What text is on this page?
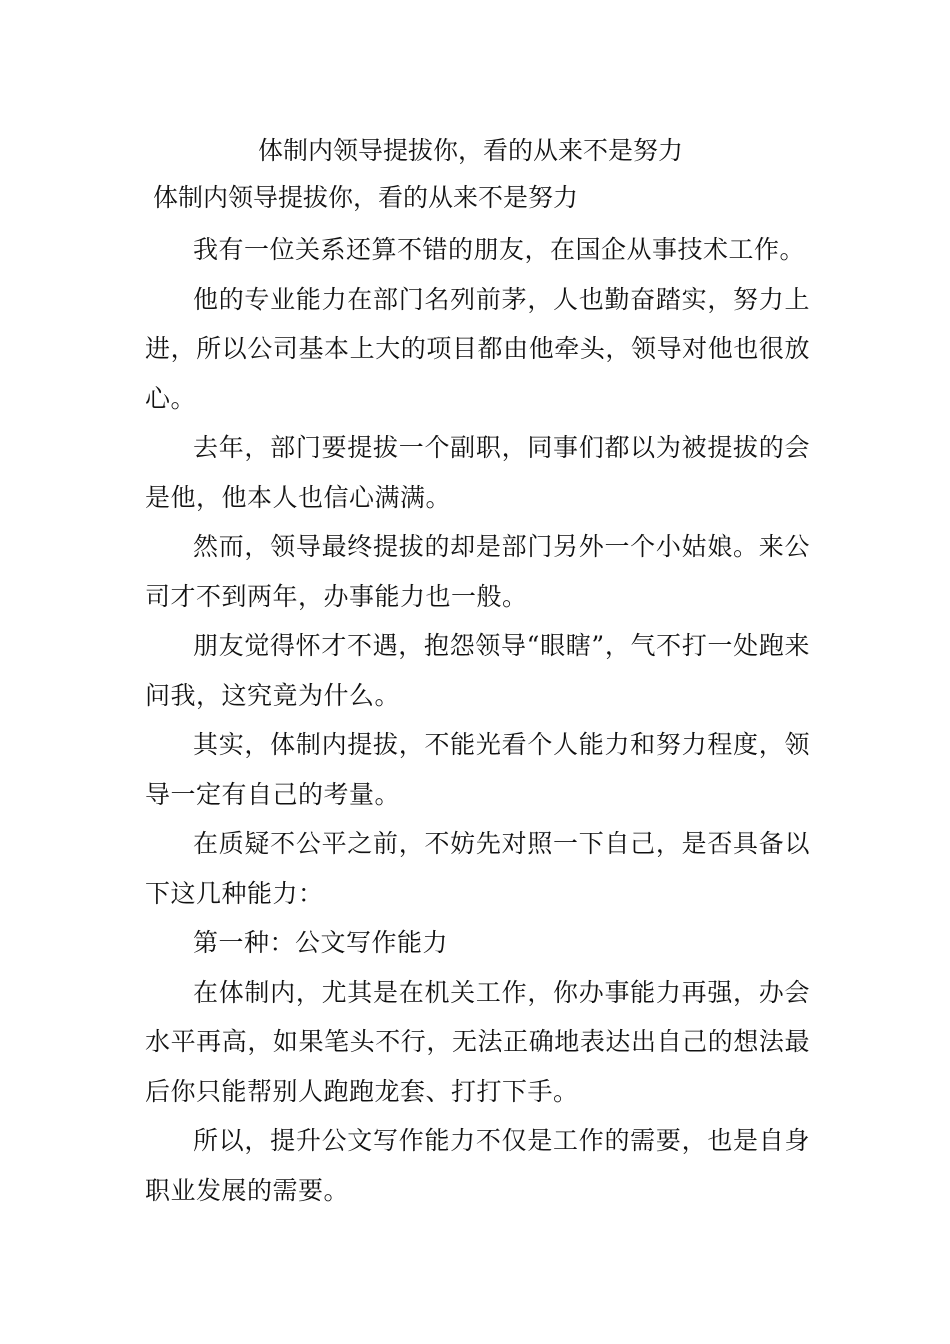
体制内领导提拔你，看的从来不是努力
体制内领导提拔你，看的从来不是努力

我有一位关系还算不错的朋友，在国企从事技术工作。

他的专业能力在部门名列前茅，人也勤奋踏实，努力上进，所以公司基本上大的项目都由他牵头，领导对他也很放心。

去年，部门要提拔一个副职，同事们都以为被提拔的会是他，他本人也信心满满。

然而，领导最终提拔的却是部门另外一个小姑娘。来公司才不到两年，办事能力也一般。

朋友觉得怀才不遇，抱怨领导“眼瞎”，气不打一处跑来问我，这究竟为什么。

其实，体制内提拔，不能光看个人能力和努力程度，领导一定有自己的考量。

在质疑不公平之前，不妨先对照一下自己，是否具备以下这几种能力：

第一种：公文写作能力

在体制内，尤其是在机关工作，你办事能力再强，办会水平再高，如果笔头不行，无法正确地表达出自己的想法最后你只能帮别人跑跑龙套、打打下手。

所以，提升公文写作能力不仅是工作的需要，也是自身职业发展的需要。
